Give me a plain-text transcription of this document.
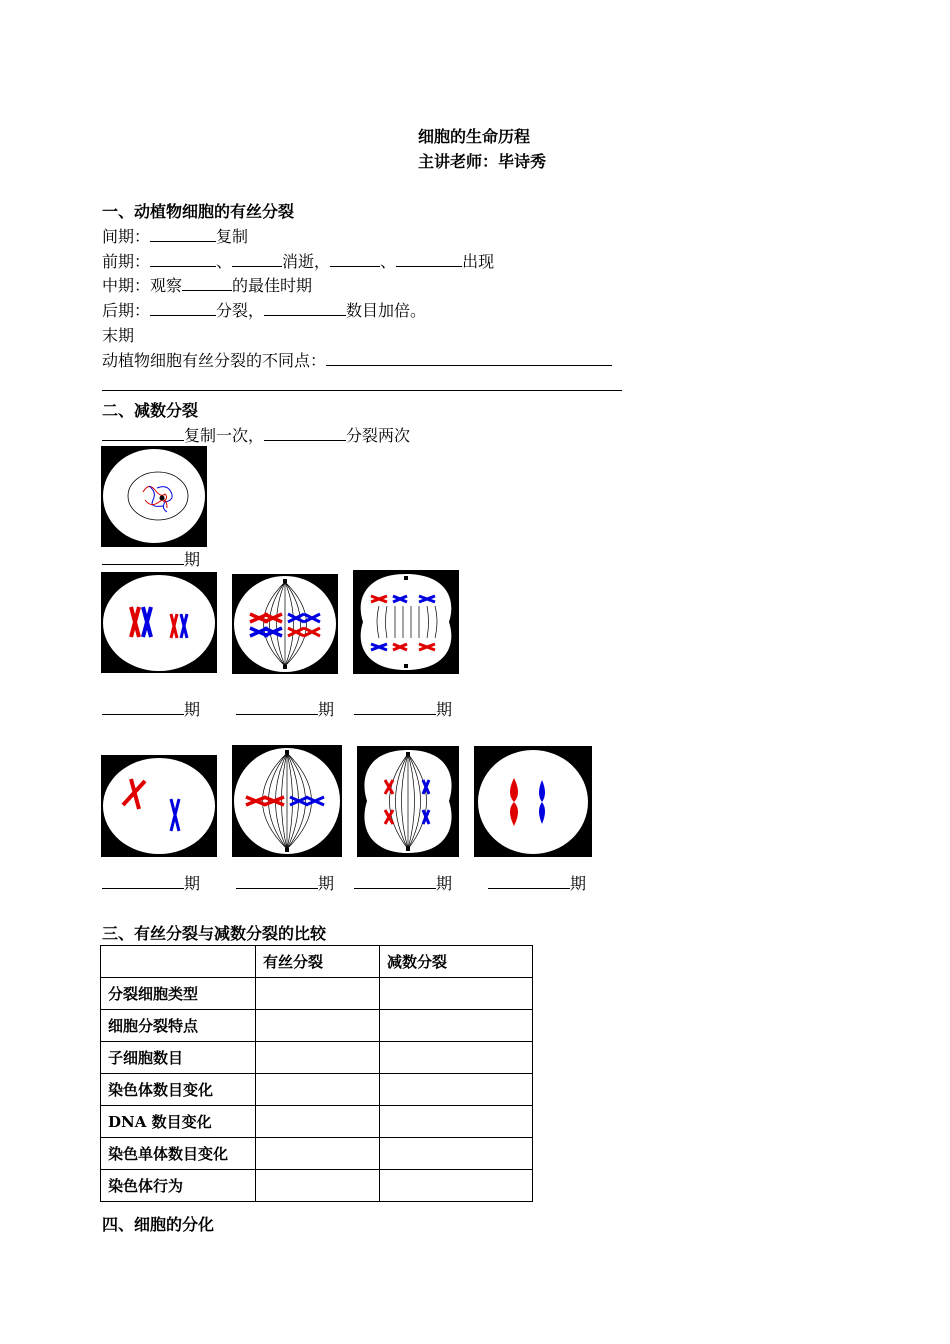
细胞的生命历程
主讲老师：毕诗秀
一、动植物细胞的有丝分裂
间期：	复制
前期：	、	消逝，	、	出现
中期：观察	的最佳时期
后期：	分裂，	数目加倍。
末期
动植物细胞有丝分裂的不同点：
二、减数分裂
复制一次，	分裂两次
期
期	期	期
期	期	期	期
三、有丝分裂与减数分裂的比较
	有丝分裂	减数分裂
分裂细胞类型		
细胞分裂特点		
子细胞数目		
染色体数目变化		
DNA 数目变化		
染色单体数目变化		
染色体行为		
四、细胞的分化
